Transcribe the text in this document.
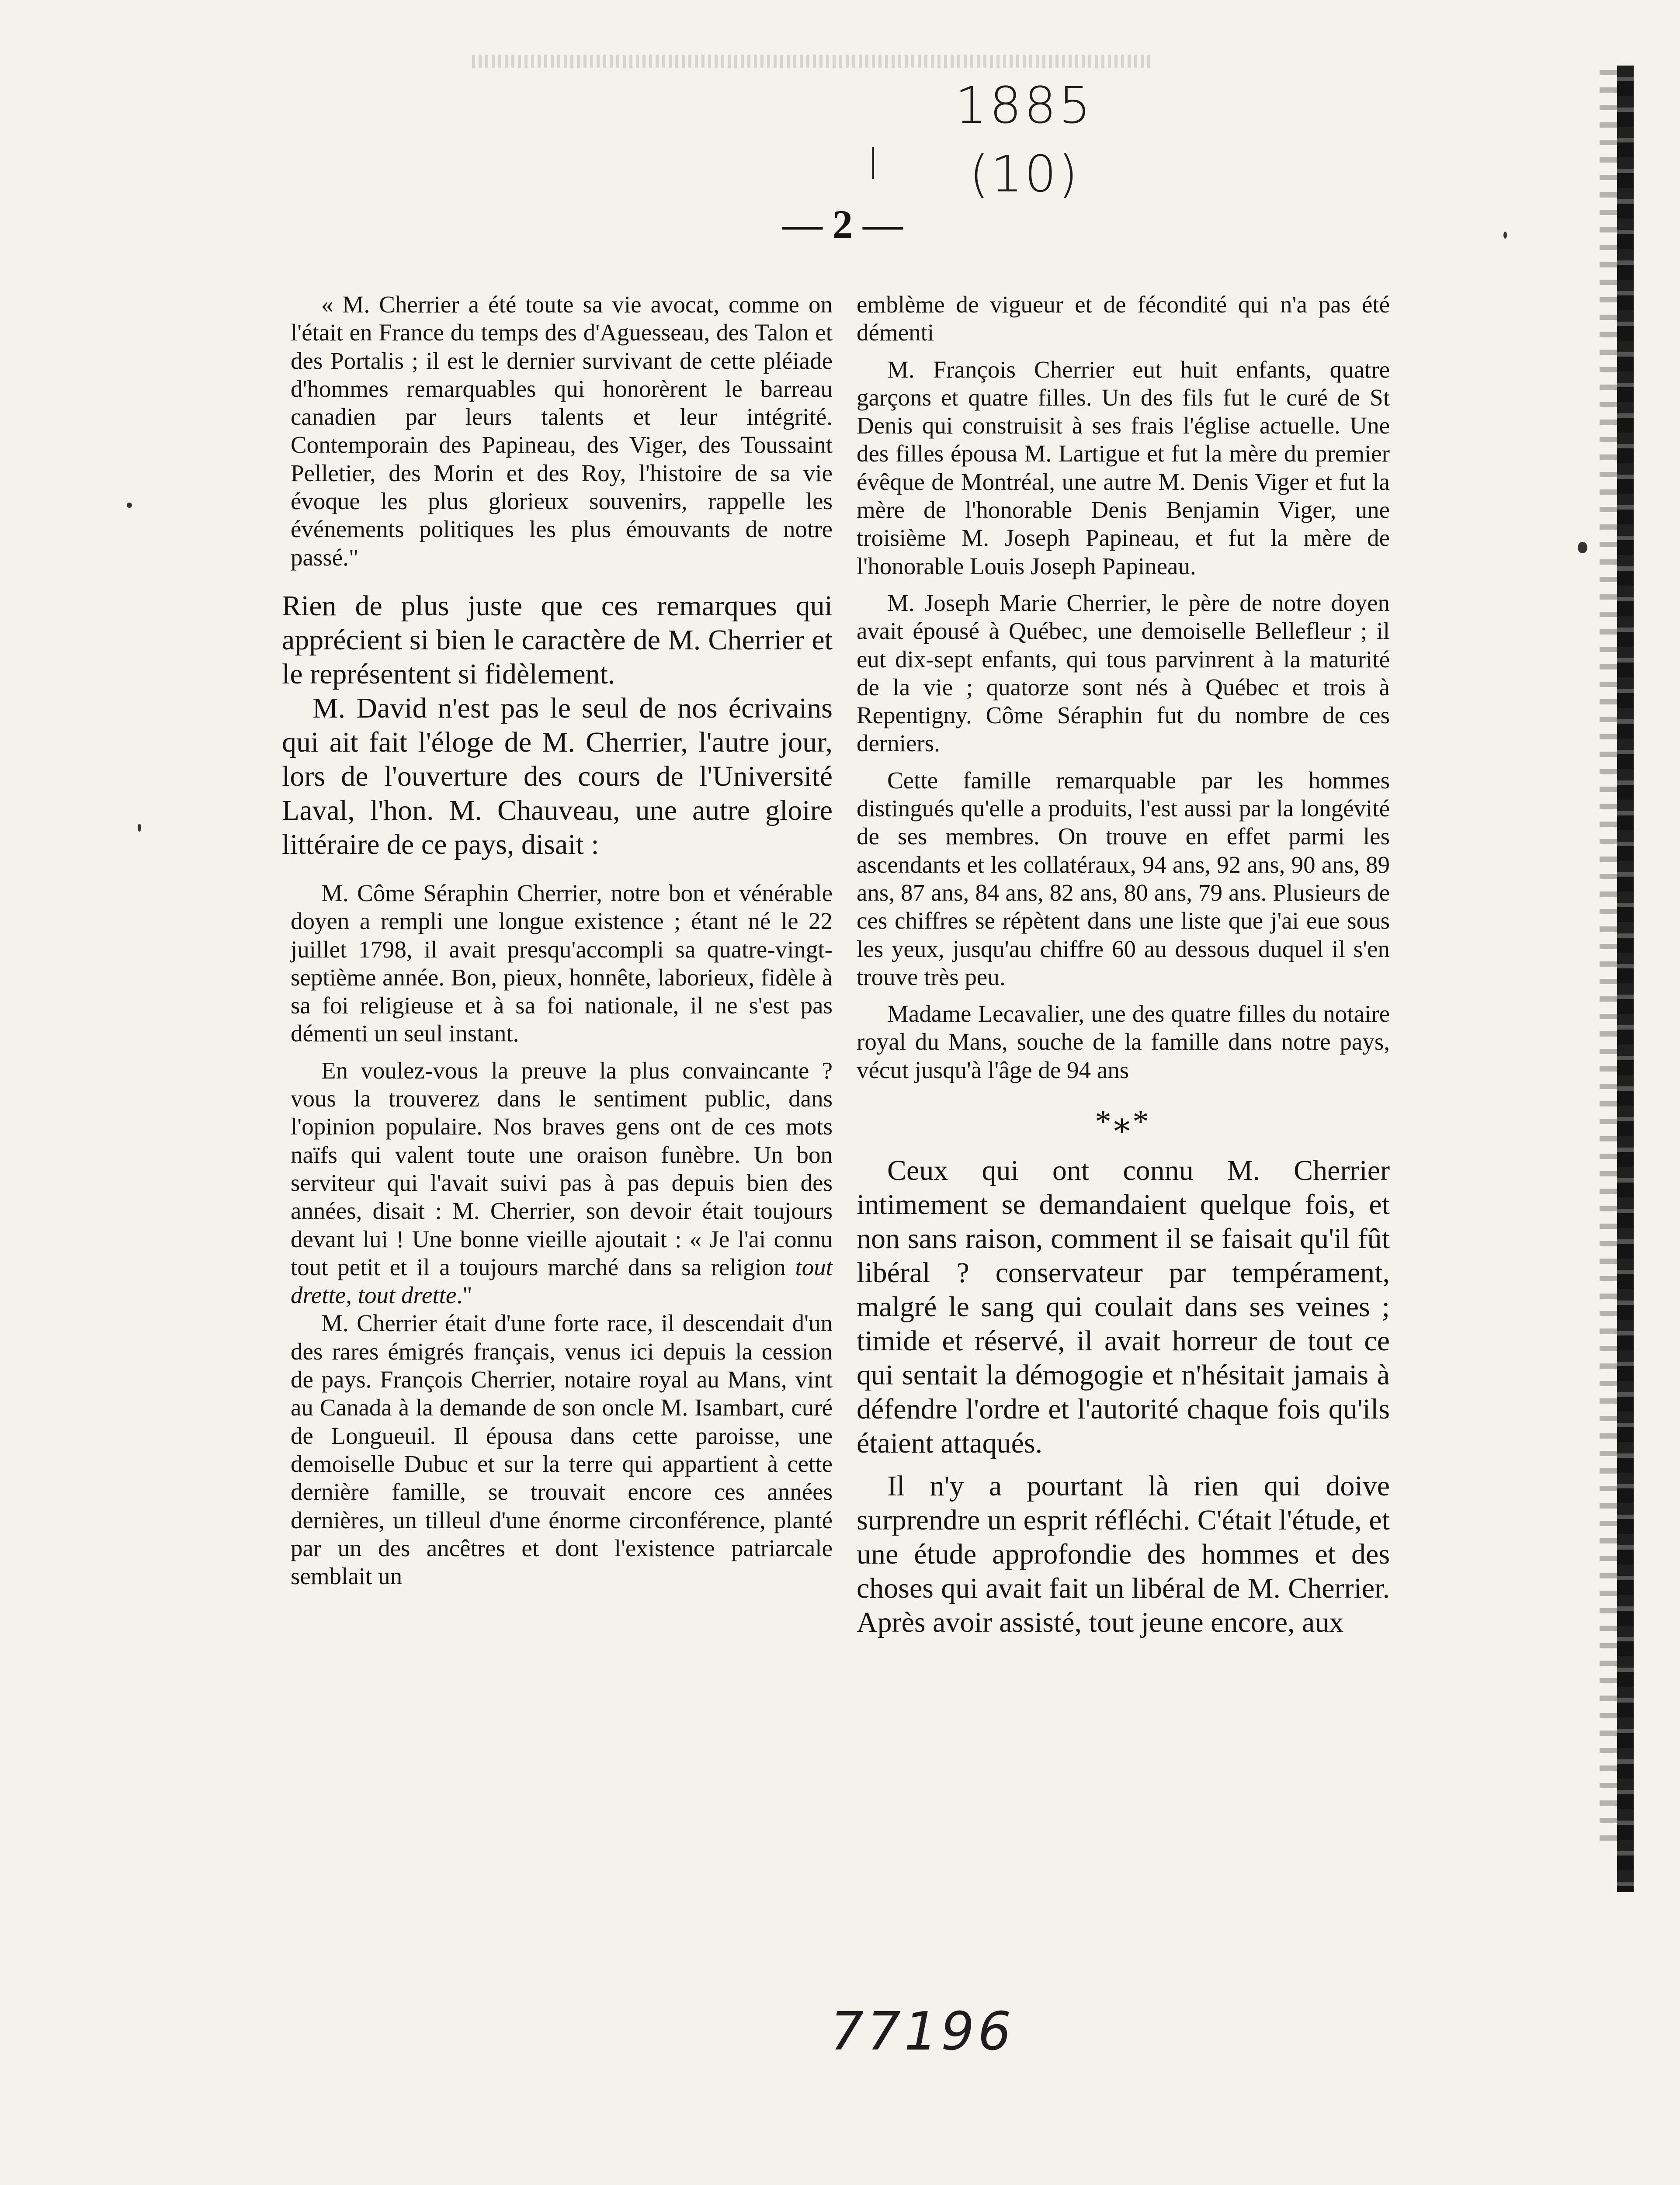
1885
l (10)
— 2 —

« M. Cherrier a été toute sa vie avocat, comme on l'était en France du temps des d'Aguesseau, des Talon et des Portalis ; il est le dernier survivant de cette pléiade d'hommes remarquables qui honorèrent le barreau canadien par leurs talents et leur intégrité. Contemporain des Papineau, des Viger, des Toussaint Pelletier, des Morin et des Roy, l'histoire de sa vie évoque les plus glorieux souvenirs, rappelle les événements politiques les plus émouvants de notre passé."

Rien de plus juste que ces remarques qui apprécient si bien le caractère de M. Cherrier et le représentent si fidèlement.

M. David n'est pas le seul de nos écrivains qui ait fait l'éloge de M. Cherrier, l'autre jour, lors de l'ouverture des cours de l'Université Laval, l'hon. M. Chauveau, une autre gloire littéraire de ce pays, disait :

M. Côme Séraphin Cherrier, notre bon et vénérable doyen a rempli une longue existence ; étant né le 22 juillet 1798, il avait presqu'accompli sa quatre-vingt-septième année. Bon, pieux, honnête, laborieux, fidèle à sa foi religieuse et à sa foi nationale, il ne s'est pas démenti un seul instant.

En voulez-vous la preuve la plus convaincante ? vous la trouverez dans le sentiment public, dans l'opinion populaire. Nos braves gens ont de ces mots naïfs qui valent toute une oraison funèbre. Un bon serviteur qui l'avait suivi pas à pas depuis bien des années, disait : M. Cherrier, son devoir était toujours devant lui ! Une bonne vieille ajoutait : « Je l'ai connu tout petit et il a toujours marché dans sa religion tout drette, tout drette."

M. Cherrier était d'une forte race, il descendait d'un des rares émigrés français, venus ici depuis la cession de pays. François Cherrier, notaire royal au Mans, vint au Canada à la demande de son oncle M. Isambart, curé de Longueuil. Il épousa dans cette paroisse, une demoiselle Dubuc et sur la terre qui appartient à cette dernière famille, se trouvait encore ces années dernières, un tilleul d'une énorme circonférence, planté par un des ancêtres et dont l'existence patriarcale semblait un

emblème de vigueur et de fécondité qui n'a pas été démenti

M. François Cherrier eut huit enfants, quatre garçons et quatre filles. Un des fils fut le curé de St Denis qui construisit à ses frais l'église actuelle. Une des filles épousa M. Lartigue et fut la mère du premier évêque de Montréal, une autre M. Denis Viger et fut la mère de l'honorable Denis Benjamin Viger, une troisième M. Joseph Papineau, et fut la mère de l'honorable Louis Joseph Papineau.

M. Joseph Marie Cherrier, le père de notre doyen avait épousé à Québec, une demoiselle Bellefleur ; il eut dix-sept enfants, qui tous parvinrent à la maturité de la vie ; quatorze sont nés à Québec et trois à Repentigny. Côme Séraphin fut du nombre de ces derniers.

Cette famille remarquable par les hommes distingués qu'elle a produits, l'est aussi par la longévité de ses membres. On trouve en effet parmi les ascendants et les collatéraux, 94 ans, 92 ans, 90 ans, 89 ans, 87 ans, 84 ans, 82 ans, 80 ans, 79 ans. Plusieurs de ces chiffres se répètent dans une liste que j'ai eue sous les yeux, jusqu'au chiffre 60 au dessous duquel il s'en trouve très peu.

Madame Lecavalier, une des quatre filles du notaire royal du Mans, souche de la famille dans notre pays, vécut jusqu'à l'âge de 94 ans

*⁎*

Ceux qui ont connu M. Cherrier intimement se demandaient quelque fois, et non sans raison, comment il se faisait qu'il fût libéral ? conservateur par tempérament, malgré le sang qui coulait dans ses veines ; timide et réservé, il avait horreur de tout ce qui sentait la démogogie et n'hésitait jamais à défendre l'ordre et l'autorité chaque fois qu'ils étaient attaqués.

Il n'y a pourtant là rien qui doive surprendre un esprit réfléchi. C'était l'étude, et une étude approfondie des hommes et des choses qui avait fait un libéral de M. Cherrier. Après avoir assisté, tout jeune encore, aux

77196
